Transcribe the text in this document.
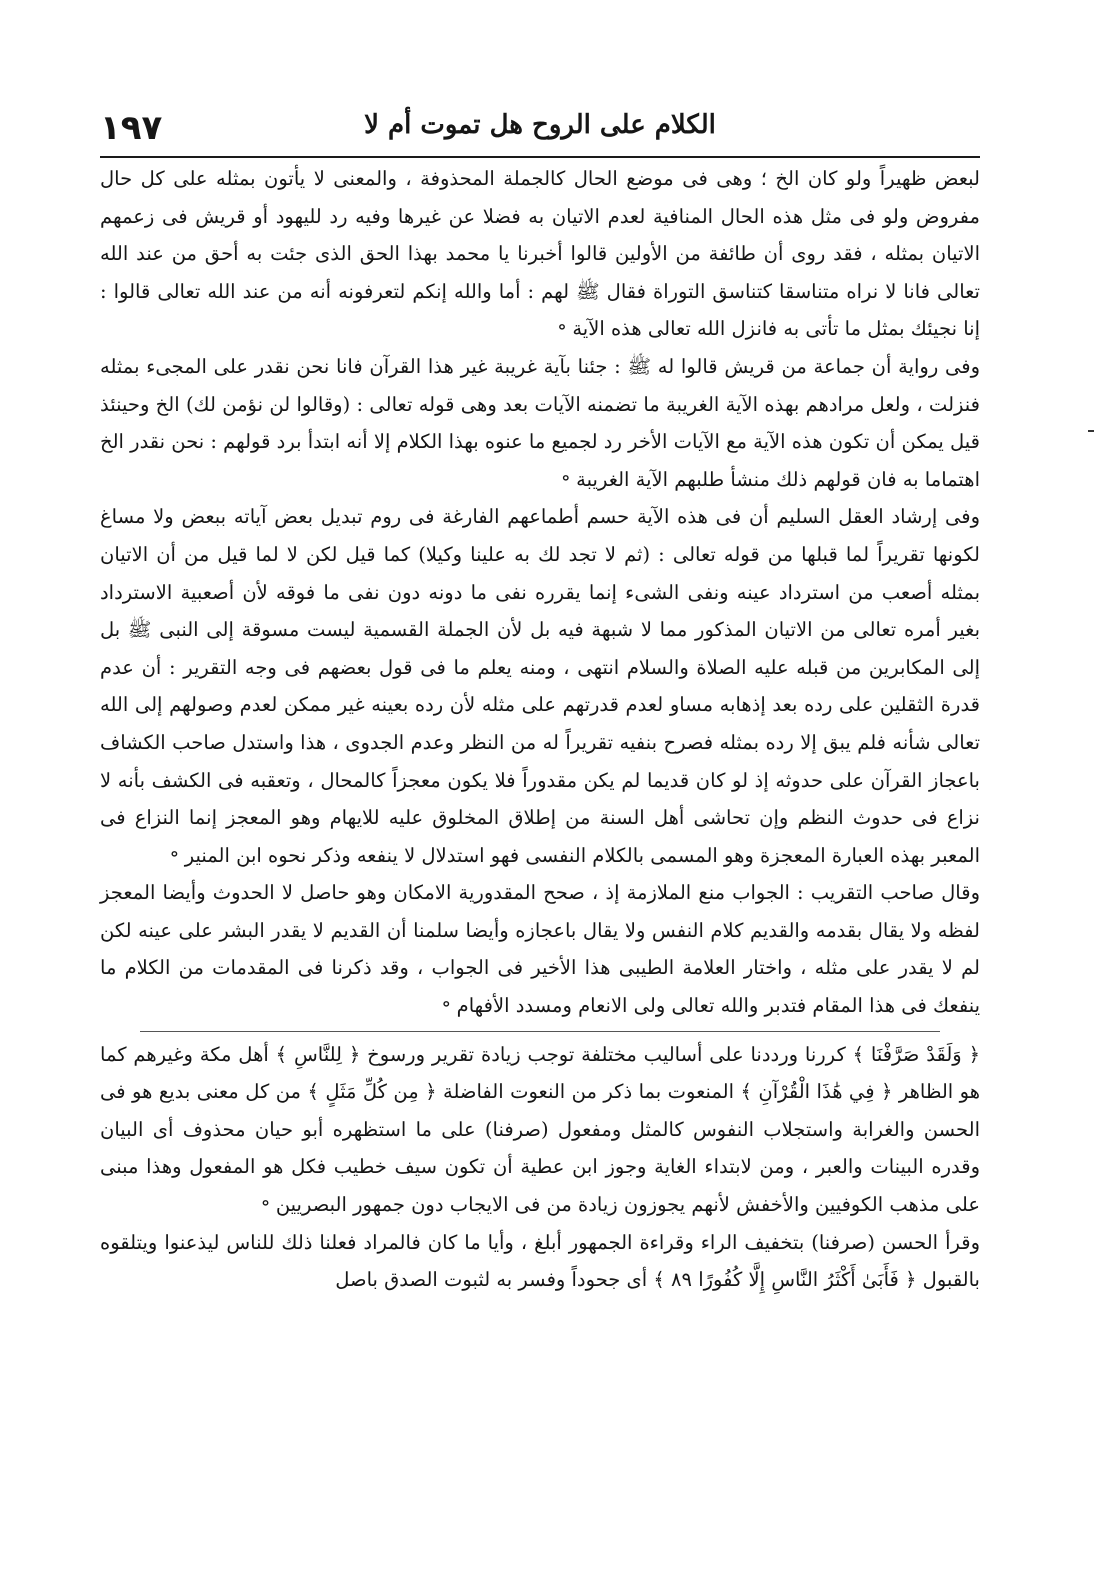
١٩٧	الكلام على الروح هل تموت أم لا

لبعض ظهيراً ولو كان الخ ؛ وهى فى موضع الحال كالجملة المحذوفة ، والمعنى لا يأتون بمثله على كل حال مفروض ولو فى مثل هذه الحال المنافية لعدم الاتيان به فضلا عن غيرها وفيه رد لليهود أو قريش فى زعمهم الاتيان بمثله ، فقد روى أن طائفة من الأولين قالوا أخبرنا يا محمد بهذا الحق الذى جئت به أحق من عند الله تعالى فانا لا نراه متناسقا كتناسق التوراة فقال ﷺ لهم : أما والله إنكم لتعرفونه أنه من عند الله تعالى قالوا : إنا نجيئك بمثل ما تأتى به فانزل الله تعالى هذه الآية ॰

وفى رواية أن جماعة من قريش قالوا له ﷺ : جئنا بآية غريبة غير هذا القرآن فانا نحن نقدر على المجىء بمثله فنزلت ، ولعل مرادهم بهذه الآية الغريبة ما تضمنه الآيات بعد وهى قوله تعالى : (وقالوا لن نؤمن لك) الخ وحينئذ قيل يمكن أن تكون هذه الآية مع الآيات الأخر رد لجميع ما عنوه بهذا الكلام إلا أنه ابتدأ برد قولهم : نحن نقدر الخ اهتماما به فان قولهم ذلك منشأ طلبهم الآية الغريبة ॰

وفى إرشاد العقل السليم أن فى هذه الآية حسم أطماعهم الفارغة فى روم تبديل بعض آياته ببعض ولا مساغ لكونها تقريراً لما قبلها من قوله تعالى : (ثم لا تجد لك به علينا وكيلا) كما قيل لكن لا لما قيل من أن الاتيان بمثله أصعب من استرداد عينه ونفى الشىء إنما يقرره نفى ما دونه دون نفى ما فوقه لأن أصعبية الاسترداد بغير أمره تعالى من الاتيان المذكور مما لا شبهة فيه بل لأن الجملة القسمية ليست مسوقة إلى النبى ﷺ بل إلى المكابرين من قبله عليه الصلاة والسلام انتهى ، ومنه يعلم ما فى قول بعضهم فى وجه التقرير : أن عدم قدرة الثقلين على رده بعد إذهابه مساو لعدم قدرتهم على مثله لأن رده بعينه غير ممكن لعدم وصولهم إلى الله تعالى شأنه فلم يبق إلا رده بمثله فصرح بنفيه تقريراً له من النظر وعدم الجدوى ، هذا واستدل صاحب الكشاف باعجاز القرآن على حدوثه إذ لو كان قديما لم يكن مقدوراً فلا يكون معجزاً كالمحال ، وتعقبه فى الكشف بأنه لا نزاع فى حدوث النظم وإن تحاشى أهل السنة من إطلاق المخلوق عليه للايهام وهو المعجز إنما النزاع فى المعبر بهذه العبارة المعجزة وهو المسمى بالكلام النفسى فهو استدلال لا ينفعه وذكر نحوه ابن المنير ॰

وقال صاحب التقريب : الجواب منع الملازمة إذ ، صحح المقدورية الامكان وهو حاصل لا الحدوث وأيضا المعجز لفظه ولا يقال بقدمه والقديم كلام النفس ولا يقال باعجازه وأيضا سلمنا أن القديم لا يقدر البشر على عينه لكن لم لا يقدر على مثله ، واختار العلامة الطيبى هذا الأخير فى الجواب ، وقد ذكرنا فى المقدمات من الكلام ما ينفعك فى هذا المقام فتدبر والله تعالى ولى الانعام ومسدد الأفهام ॰

﴿ وَلَقَدْ صَرَّفْنَا ﴾ كررنا ورددنا على أساليب مختلفة توجب زيادة تقرير ورسوخ ﴿ لِلنَّاسِ ﴾ أهل مكة وغيرهم كما هو الظاهر ﴿ فِي هَٰذَا الْقُرْآنِ ﴾ المنعوت بما ذكر من النعوت الفاضلة ﴿ مِن كُلِّ مَثَلٍ ﴾ من كل معنى بديع هو فى الحسن والغرابة واستجلاب النفوس كالمثل ومفعول (صرفنا) على ما استظهره أبو حيان محذوف أى البيان وقدره البينات والعبر ، ومن لابتداء الغاية وجوز ابن عطية أن تكون سيف خطيب فكل هو المفعول وهذا مبنى على مذهب الكوفيين والأخفش لأنهم يجوزون زيادة من فى الايجاب دون جمهور البصريين ॰

وقرأ الحسن (صرفنا) بتخفيف الراء وقراءة الجمهور أبلغ ، وأيا ما كان فالمراد فعلنا ذلك للناس ليذعنوا ويتلقوه بالقبول ﴿ فَأَبَىٰ أَكْثَرُ النَّاسِ إِلَّا كُفُورًا ٨٩ ﴾ أى جحوداً وفسر به لثبوت الصدق باصل
